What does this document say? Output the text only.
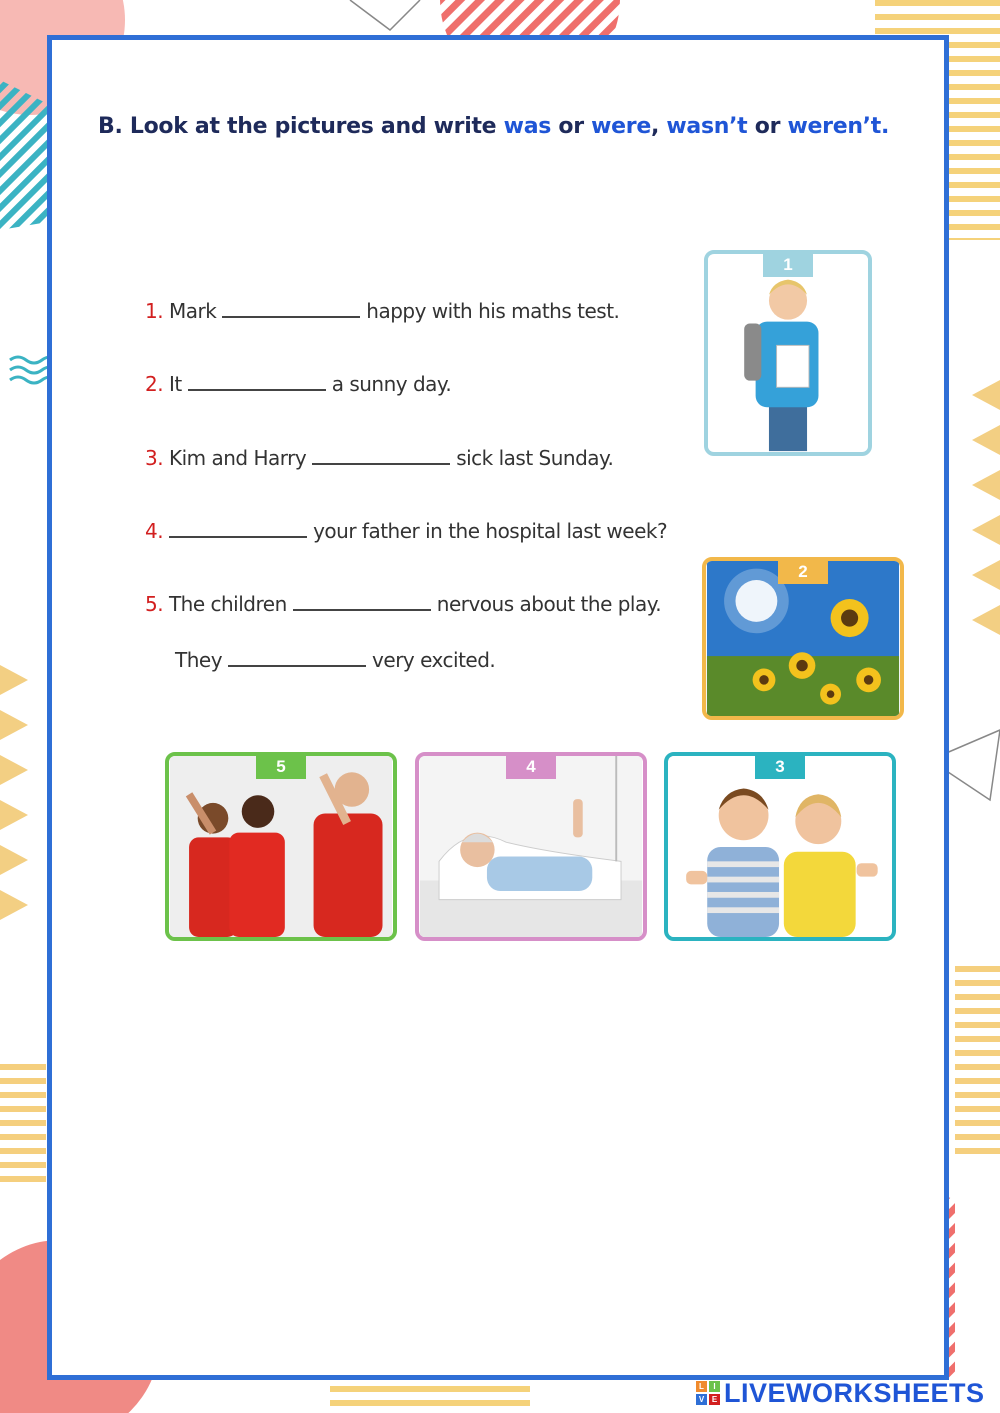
B. Look at the pictures and write was or were, wasn’t or weren’t.
1. Mark	happy with his maths test.
2. It	a sunny day.
3. Kim and Harry	sick last Sunday.
4.	your father in the hospital last week?
5. The children	nervous about the play.
They	very excited.
1
2
5	4	3
L	I
V E LIVEWORKSHEETS
